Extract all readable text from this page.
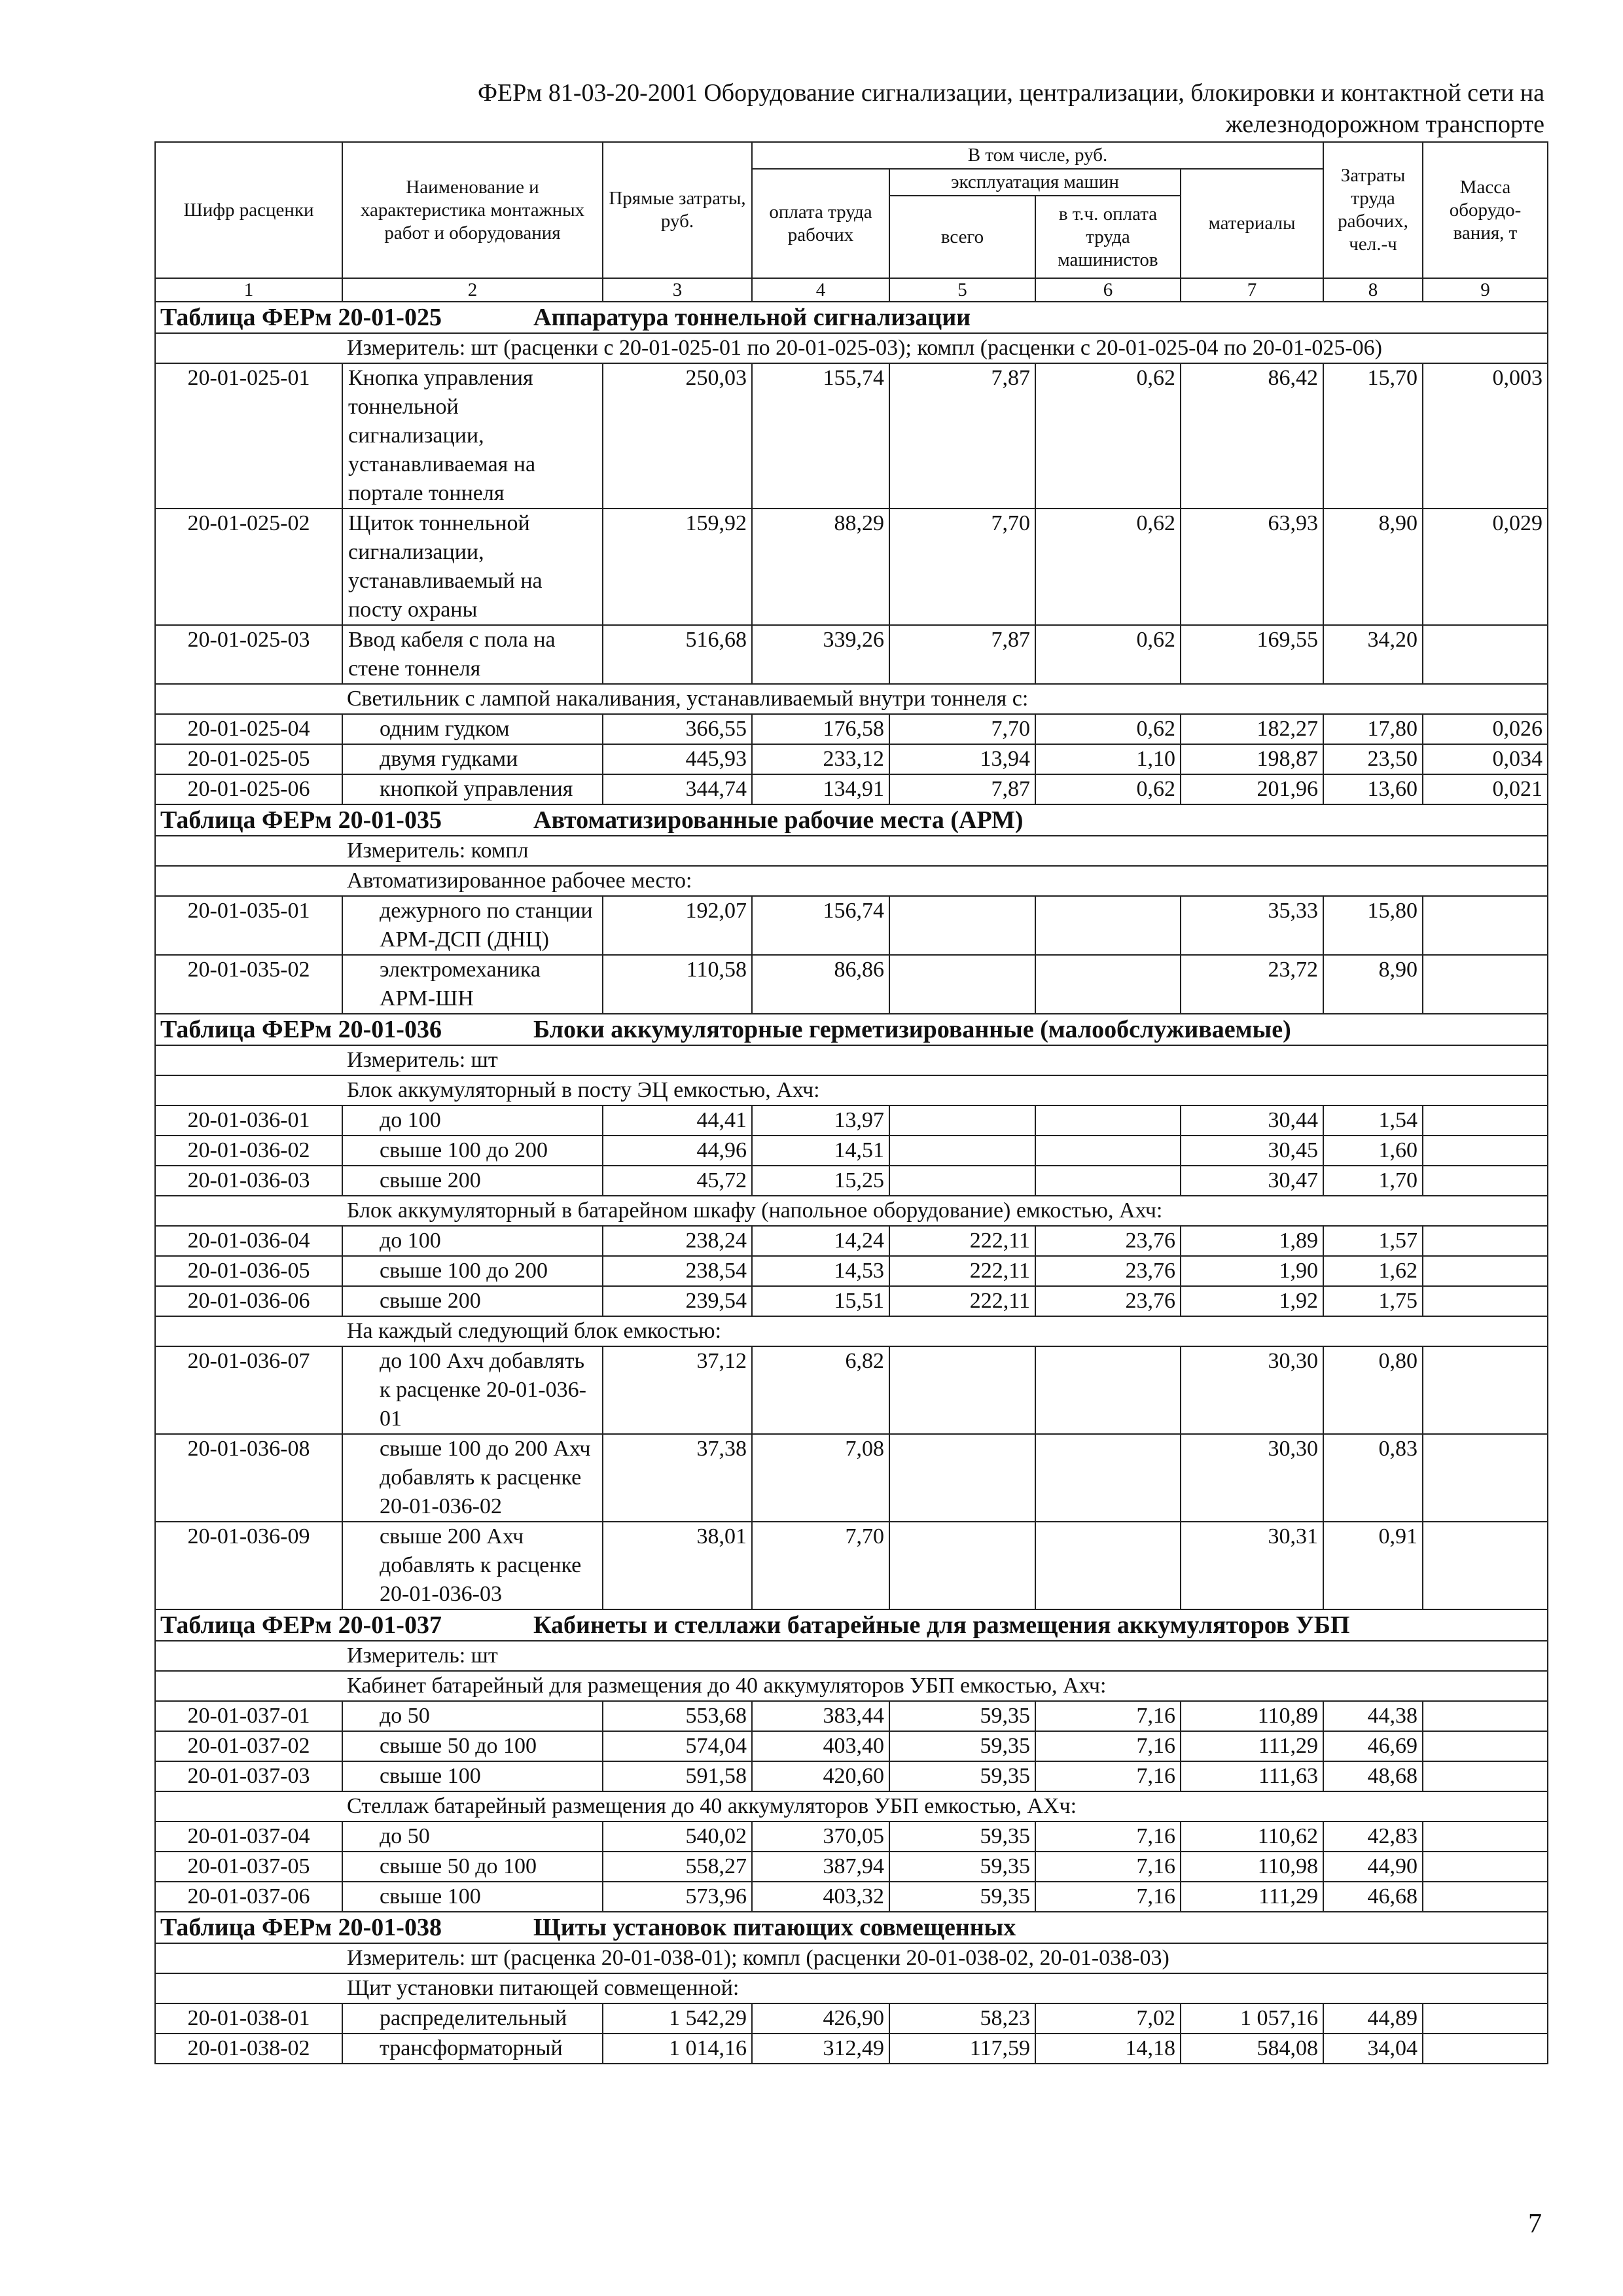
ФЕРм 81-03-20-2001 Оборудование сигнализации, централизации, блокировки и контактной сети на
железнодорожном транспорте
Шифр расценки	Наименование и характеристика монтажных работ и оборудования	Прямые затраты, руб.	В том числе, руб.				Затраты труда рабочих, чел.-ч	Масса оборудо-вания, т
			оплата труда рабочих	эксплуатация машин		материалы		
				всего	в т.ч. оплата труда машинистов			
1	2	3	4	5	6	7	8	9
Таблица ФЕРм 20-01-025 Аппаратура тоннельной сигнализации								
Измеритель: шт (расценки с 20-01-025-01 по 20-01-025-03); компл (расценки с 20-01-025-04 по 20-01-025-06)								
20-01-025-01	Кнопка управления тоннельной сигнализации, устанавливаемая на портале тоннеля	250,03	155,74	7,87	0,62	86,42	15,70	0,003
20-01-025-02	Щиток тоннельной сигнализации, устанавливаемый на посту охраны	159,92	88,29	7,70	0,62	63,93	8,90	0,029
20-01-025-03	Ввод кабеля с пола на стене тоннеля	516,68	339,26	7,87	0,62	169,55	34,20	
Светильник с лампой накаливания, устанавливаемый внутри тоннеля с:								
20-01-025-04	одним гудком	366,55	176,58	7,70	0,62	182,27	17,80	0,026
20-01-025-05	двумя гудками	445,93	233,12	13,94	1,10	198,87	23,50	0,034
20-01-025-06	кнопкой управления	344,74	134,91	7,87	0,62	201,96	13,60	0,021
Таблица ФЕРм 20-01-035 Автоматизированные рабочие места (АРМ)								
Измеритель: компл								
Автоматизированное рабочее место:								
20-01-035-01	дежурного по станции АРМ-ДСП (ДНЦ)	192,07	156,74			35,33	15,80	
20-01-035-02	электромеханика АРМ-ШН	110,58	86,86			23,72	8,90	
Таблица ФЕРм 20-01-036 Блоки аккумуляторные герметизированные (малообслуживаемые)								
Измеритель: шт								
Блок аккумуляторный в посту ЭЦ емкостью, Ахч:								
20-01-036-01	до 100	44,41	13,97			30,44	1,54	
20-01-036-02	свыше 100 до 200	44,96	14,51			30,45	1,60	
20-01-036-03	свыше 200	45,72	15,25			30,47	1,70	
Блок аккумуляторный в батарейном шкафу (напольное оборудование) емкостью, Ахч:								
20-01-036-04	до 100	238,24	14,24	222,11	23,76	1,89	1,57	
20-01-036-05	свыше 100 до 200	238,54	14,53	222,11	23,76	1,90	1,62	
20-01-036-06	свыше 200	239,54	15,51	222,11	23,76	1,92	1,75	
На каждый следующий блок емкостью:								
20-01-036-07	до 100 Ахч добавлять к расценке 20-01-036-01	37,12	6,82			30,30	0,80	
20-01-036-08	свыше 100 до 200 Ахч добавлять к расценке 20-01-036-02	37,38	7,08			30,30	0,83	
20-01-036-09	свыше 200 Ахч добавлять к расценке 20-01-036-03	38,01	7,70			30,31	0,91	
Таблица ФЕРм 20-01-037 Кабинеты и стеллажи батарейные для размещения аккумуляторов УБП								
Измеритель: шт								
Кабинет батарейный для размещения до 40 аккумуляторов УБП емкостью, Ахч:								
20-01-037-01	до 50	553,68	383,44	59,35	7,16	110,89	44,38	
20-01-037-02	свыше 50 до 100	574,04	403,40	59,35	7,16	111,29	46,69	
20-01-037-03	свыше 100	591,58	420,60	59,35	7,16	111,63	48,68	
Стеллаж батарейный размещения до 40 аккумуляторов УБП емкостью, АХч:								
20-01-037-04	до 50	540,02	370,05	59,35	7,16	110,62	42,83	
20-01-037-05	свыше 50 до 100	558,27	387,94	59,35	7,16	110,98	44,90	
20-01-037-06	свыше 100	573,96	403,32	59,35	7,16	111,29	46,68	
Таблица ФЕРм 20-01-038 Щиты установок питающих совмещенных								
Измеритель: шт (расценка 20-01-038-01); компл (расценки 20-01-038-02, 20-01-038-03)								
Щит установки питающей совмещенной:								
20-01-038-01	распределительный	1 542,29	426,90	58,23	7,02	1 057,16	44,89	
20-01-038-02	трансформаторный	1 014,16	312,49	117,59	14,18	584,08	34,04	
7
